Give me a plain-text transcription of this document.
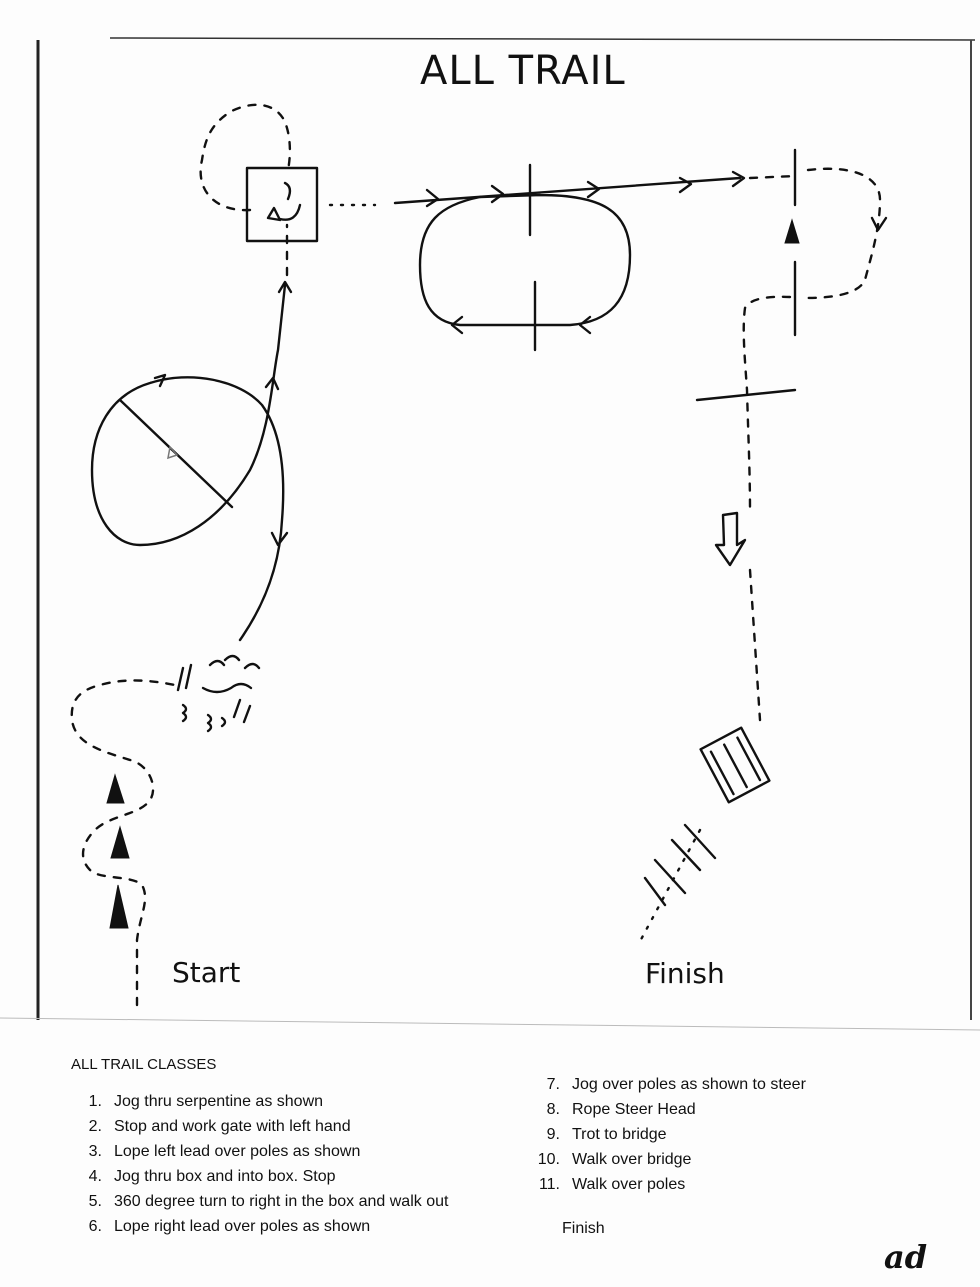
ALL TRAIL
Start	Finish
ALL TRAIL CLASSES
1. Jog thru serpentine as shown
2. Stop and work gate with left hand
3. Lope left lead over poles as shown
4. Jog thru box and into box. Stop
5. 360 degree turn to right in the box and walk out
6. Lope right lead over poles as shown
7. Jog over poles as shown to steer
8. Rope Steer Head
9. Trot to bridge
10. Walk over bridge
11. Walk over poles
Finish
ad
